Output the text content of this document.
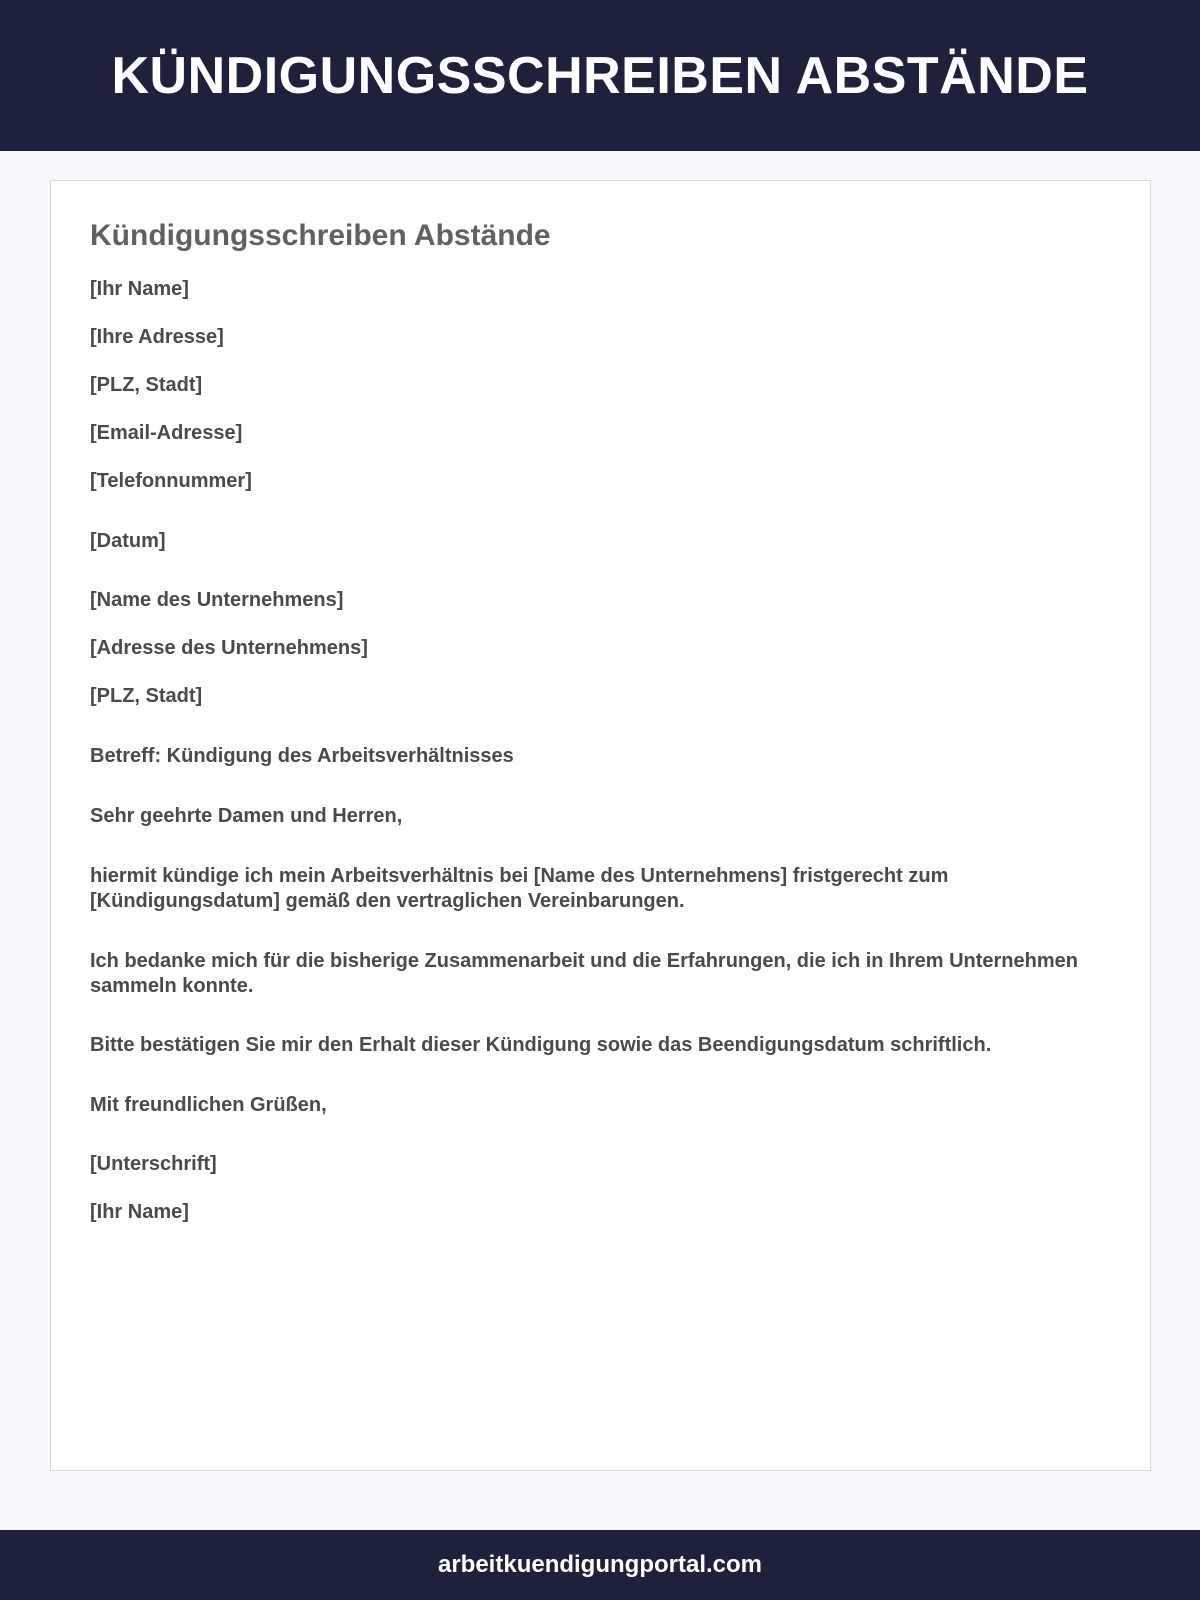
KÜNDIGUNGSSCHREIBEN ABSTÄNDE
Kündigungsschreiben Abstände
[Ihr Name]
[Ihre Adresse]
[PLZ, Stadt]
[Email-Adresse]
[Telefonnummer]
[Datum]
[Name des Unternehmens]
[Adresse des Unternehmens]
[PLZ, Stadt]
Betreff: Kündigung des Arbeitsverhältnisses
Sehr geehrte Damen und Herren,
hiermit kündige ich mein Arbeitsverhältnis bei [Name des Unternehmens] fristgerecht zum [Kündigungsdatum] gemäß den vertraglichen Vereinbarungen.
Ich bedanke mich für die bisherige Zusammenarbeit und die Erfahrungen, die ich in Ihrem Unternehmen sammeln konnte.
Bitte bestätigen Sie mir den Erhalt dieser Kündigung sowie das Beendigungsdatum schriftlich.
Mit freundlichen Grüßen,
[Unterschrift]
[Ihr Name]
arbeitkuendigungportal.com
